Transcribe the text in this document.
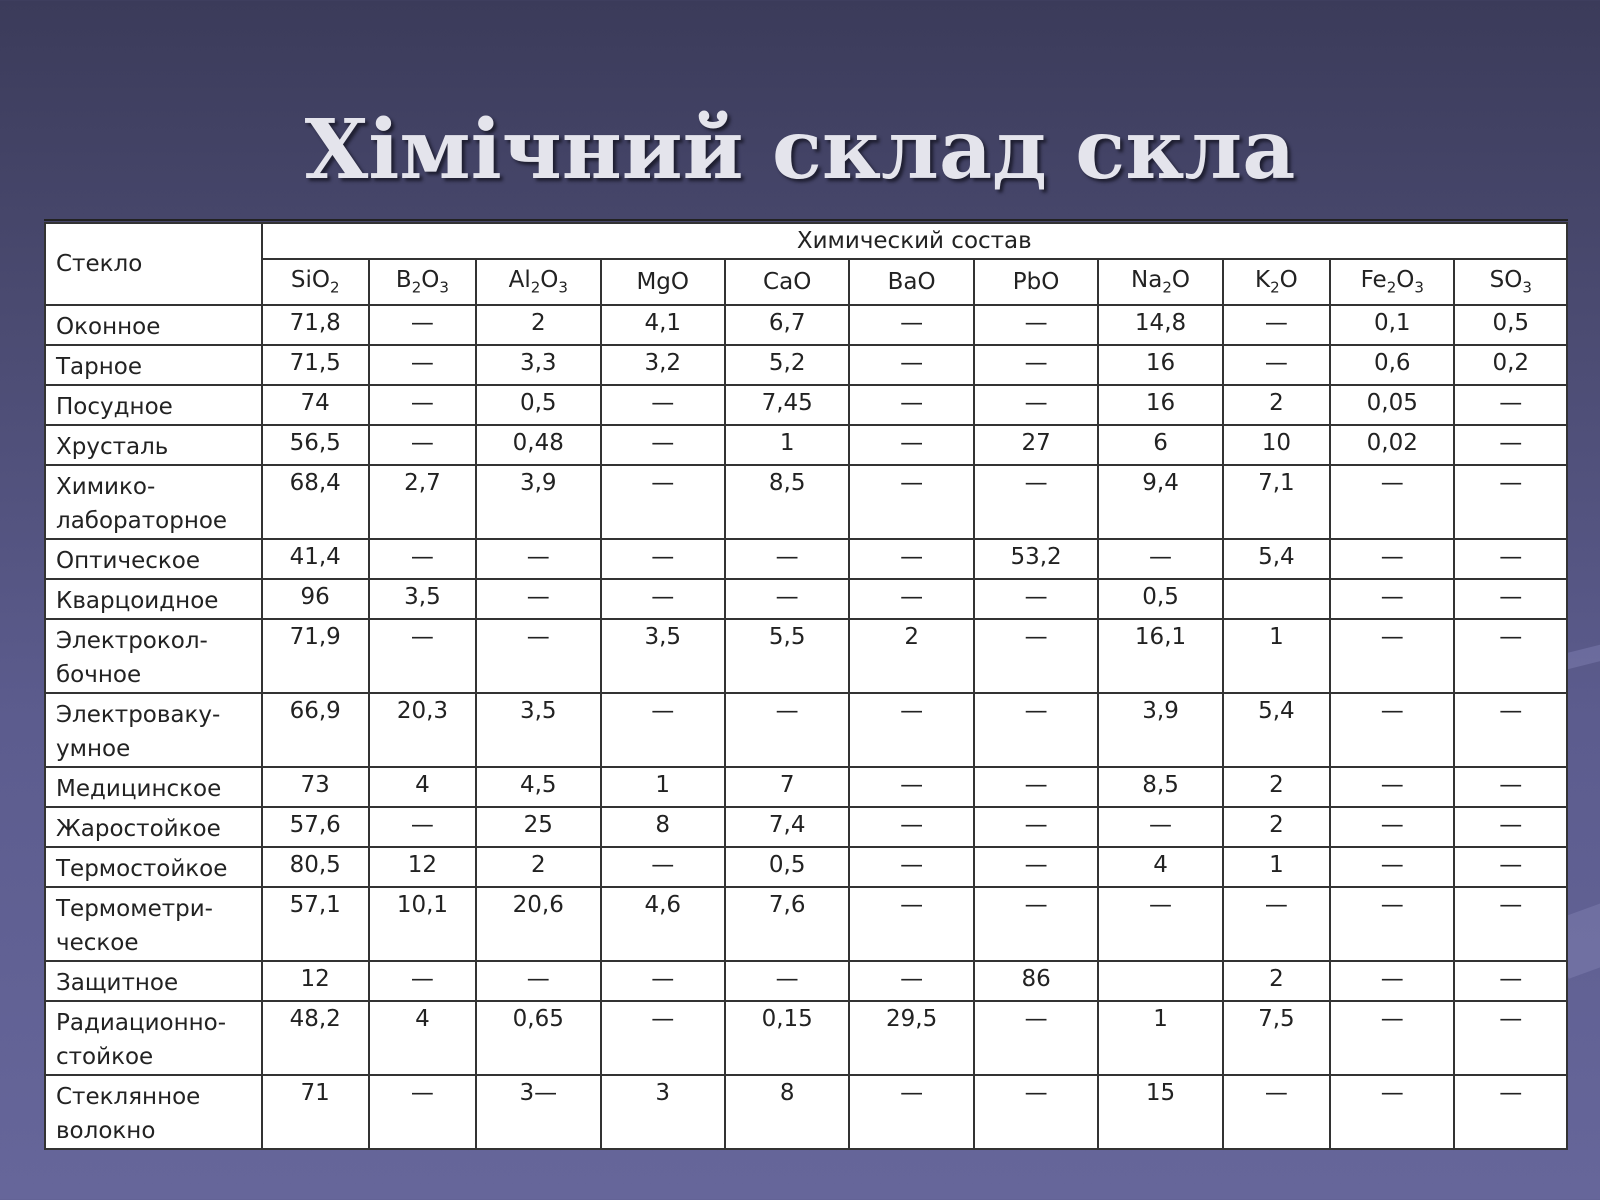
Хімічний склад скла
Стекло	Химический состав										
	SiO$_2$	$B_2O_3$	$Al_2O_3$	MgO	CaO	BaO	PbO	$Na_2O$	$K_2O$	$Fe_2O_3$	$SO_3$
Оконное	71,8	—	2	4,1	6,7	—	—	14,8	—	0,1	0,5
Тарное	71,5	—	3,3	3,2	5,2	—	—	16	—	0,6	0,2
Посудное	74	—	0,5	—	7,45	—	—	16	2	0,05	—
Хрусталь	56,5	—	0,48	—	1	—	27	6	10	0,02	—
Химико-
лабораторное	68,4	2,7	3,9	—	8,5	—	—	9,4	7,1	—	—
Оптическое	41,4	—	—	—	—	—	53,2	—	5,4	—	—
Кварцоидное	96	3,5	—	—	—	—	—	0,5		—	—
Электрокол-
бочное	71,9	—	—	3,5	5,5	2	—	16,1	1	—	—
Электроваку-
умное	66,9	20,3	3,5	—	—	—	—	3,9	5,4	—	—
Медицинское	73	4	4,5	1	7	—	—	8,5	2	—	—
Жаростойкое	57,6	—	25	8	7,4	—	—	—	2	—	—
Термостойкое	80,5	12	2	—	0,5	—	—	4	1	—	—
Термометри-
ческое	57,1	10,1	20,6	4,6	7,6	—	—	—	—	—	—
Защитное	12	—	—	—	—	—	86		2	—	—
Радиационно-
стойкое	48,2	4	0,65	—	0,15	29,5	—	1	7,5	—	—
Стеклянное
волокно	71	—	3—	3	8	—	—	15	—	—	—
